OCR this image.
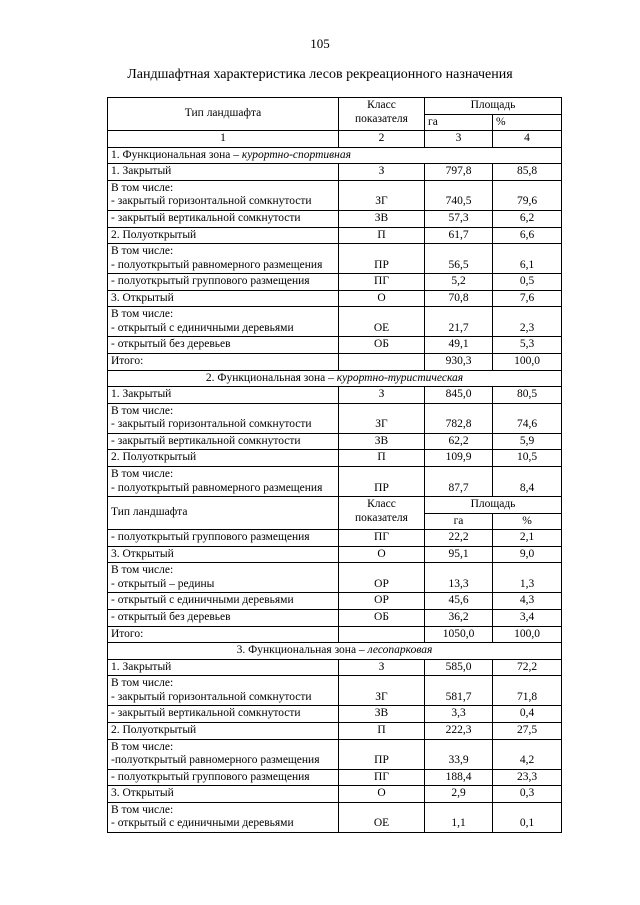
105
Ландшафтная характеристика лесов рекреационного назначения
Тип ландшафта	Класс показателя	Площадь	
		га	%
1	2	3	4
1. Функциональная зона – курортно-спортивная			
1. Закрытый	З	797,8	85,8
В том числе:
- закрытый горизонтальной сомкнутости	ЗГ	740,5	79,6
- закрытый вертикальной сомкнутости	ЗВ	57,3	6,2
2. Полуоткрытый	П	61,7	6,6
В том числе:
- полуоткрытый равномерного размещения	ПР	56,5	6,1
- полуоткрытый группового размещения	ПГ	5,2	0,5
3. Открытый	О	70,8	7,6
В том числе:
- открытый с единичными деревьями	ОЕ	21,7	2,3
- открытый без деревьев	ОБ	49,1	5,3
Итого:		930,3	100,0
2. Функциональная зона – курортно-туристическая			
1. Закрытый	З	845,0	80,5
В том числе:
- закрытый горизонтальной сомкнутости	ЗГ	782,8	74,6
- закрытый вертикальной сомкнутости	ЗВ	62,2	5,9
2. Полуоткрытый	П	109,9	10,5
В том числе:
- полуоткрытый равномерного размещения	ПР	87,7	8,4
Тип ландшафта	Класс показателя	Площадь	
		га	%
- полуоткрытый группового размещения	ПГ	22,2	2,1
3. Открытый	О	95,1	9,0
В том числе:
- открытый – редины	ОР	13,3	1,3
- открытый с единичными деревьями	ОР	45,6	4,3
- открытый без деревьев	ОБ	36,2	3,4
Итого:		1050,0	100,0
3. Функциональная зона – лесопарковая			
1. Закрытый	З	585,0	72,2
В том числе:
- закрытый горизонтальной сомкнутости	ЗГ	581,7	71,8
- закрытый вертикальной сомкнутости	ЗВ	3,3	0,4
2. Полуоткрытый	П	222,3	27,5
В том числе:
-полуоткрытый равномерного размещения	ПР	33,9	4,2
- полуоткрытый группового размещения	ПГ	188,4	23,3
3. Открытый	О	2,9	0,3
В том числе:
- открытый с единичными деревьями	ОЕ	1,1	0,1
